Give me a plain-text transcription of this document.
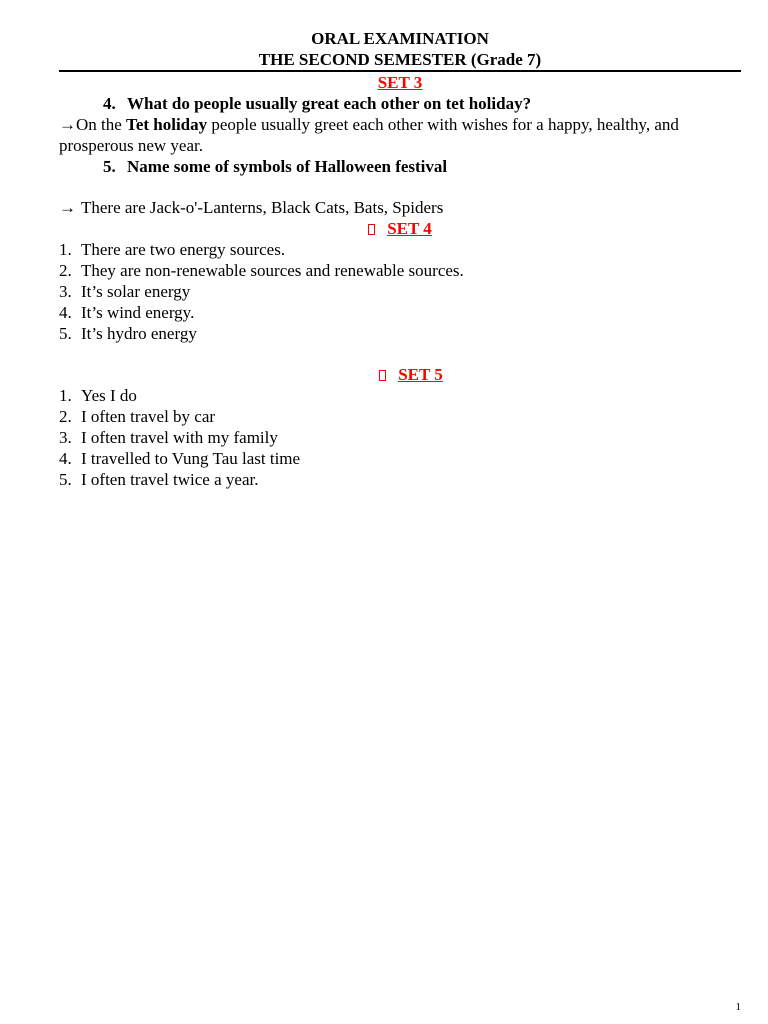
ORAL EXAMINATION
THE SECOND SEMESTER (Grade 7)
SET 3
4. What do people usually great each other on tet holiday?
→On the Tet holiday people usually greet each other with wishes for a happy, healthy, and prosperous new year.
5. Name some of symbols of Halloween festival
→ There are Jack-o'-Lanterns, Black Cats, Bats, Spiders
SET 4
1. There are two energy sources.
2. They are non-renewable sources and renewable sources.
3. It’s solar energy
4. It’s wind energy.
5. It’s hydro energy
SET 5
1. Yes I do
2. I often travel by car
3. I often travel with my family
4. I travelled to Vung Tau last time
5. I often travel twice a year.
1
